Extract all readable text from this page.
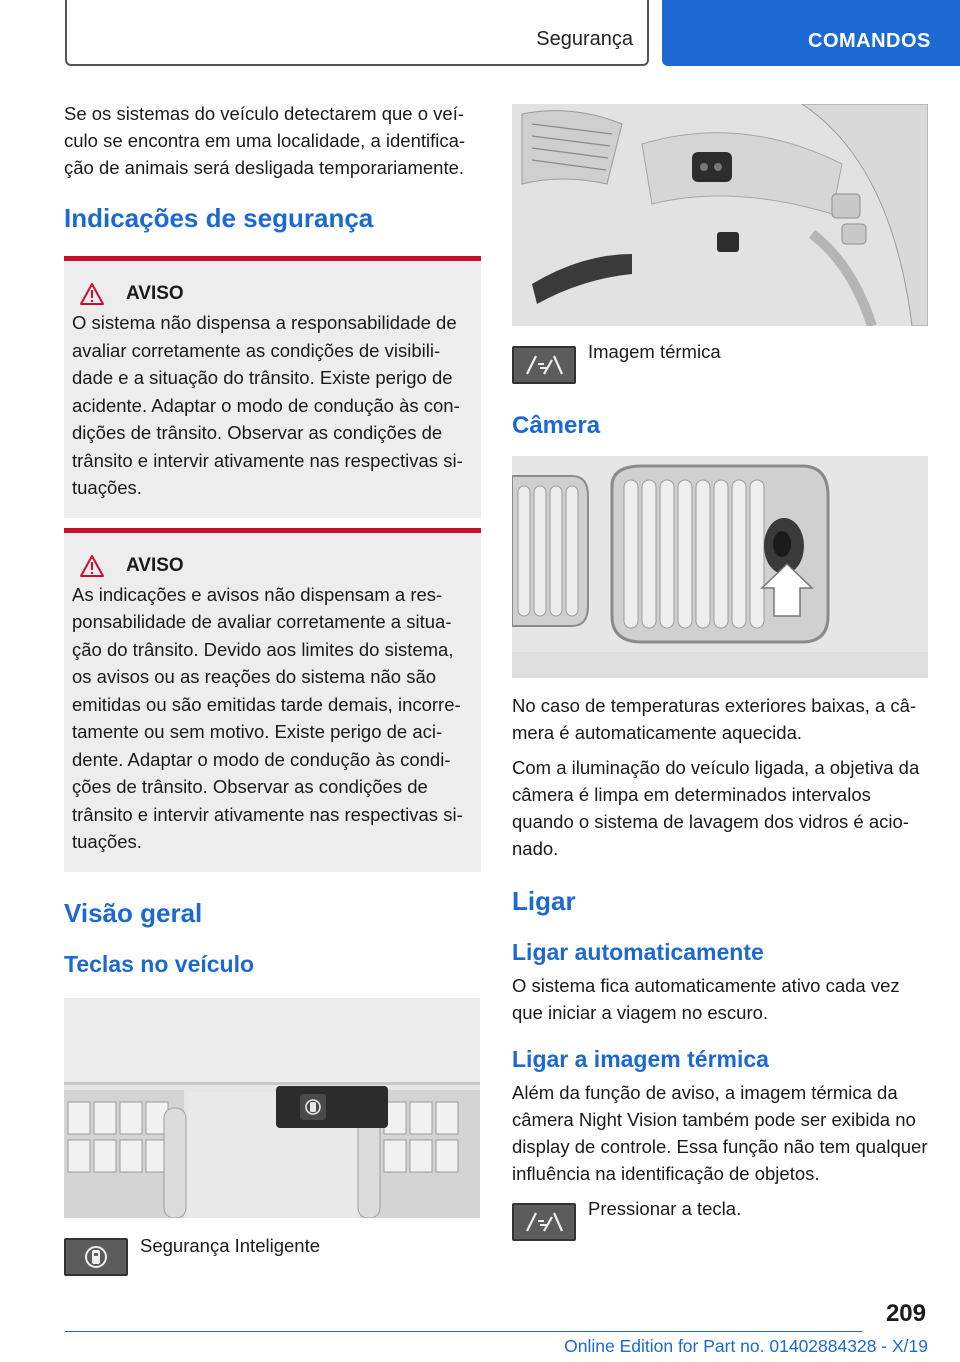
Segurança	COMANDOS

Se os sistemas do veículo detectarem que o veículo se encontra em uma localidade, a identificação de animais será desligada temporariamente.

Indicações de segurança
AVISO

O sistema não dispensa a responsabilidade de avaliar corretamente as condições de visibilidade e a situação do trânsito. Existe perigo de acidente. Adaptar o modo de condução às condições de trânsito. Observar as condições de trânsito e intervir ativamente nas respectivas situações.

AVISO

As indicações e avisos não dispensam a responsabilidade de avaliar corretamente a situação do trânsito. Devido aos limites do sistema, os avisos ou as reações do sistema não são emitidas ou são emitidas tarde demais, incorretamente ou sem motivo. Existe perigo de acidente. Adaptar o modo de condução às condições de trânsito. Observar as condições de trânsito e intervir ativamente nas respectivas situações.

Visão geral
Teclas no veículo
Segurança Inteligente
Imagem térmica
Câmera

No caso de temperaturas exteriores baixas, a câmera é automaticamente aquecida.

Com a iluminação do veículo ligada, a objetiva da câmera é limpa em determinados intervalos quando o sistema de lavagem dos vidros é acionado.

Ligar
Ligar automaticamente

O sistema fica automaticamente ativo cada vez que iniciar a viagem no escuro.

Ligar a imagem térmica

Além da função de aviso, a imagem térmica da câmera Night Vision também pode ser exibida no display de controle. Essa função não tem qualquer influência na identificação de objetos.

Pressionar a tecla.
209
Online Edition for Part no. 01402884328 - X/19
